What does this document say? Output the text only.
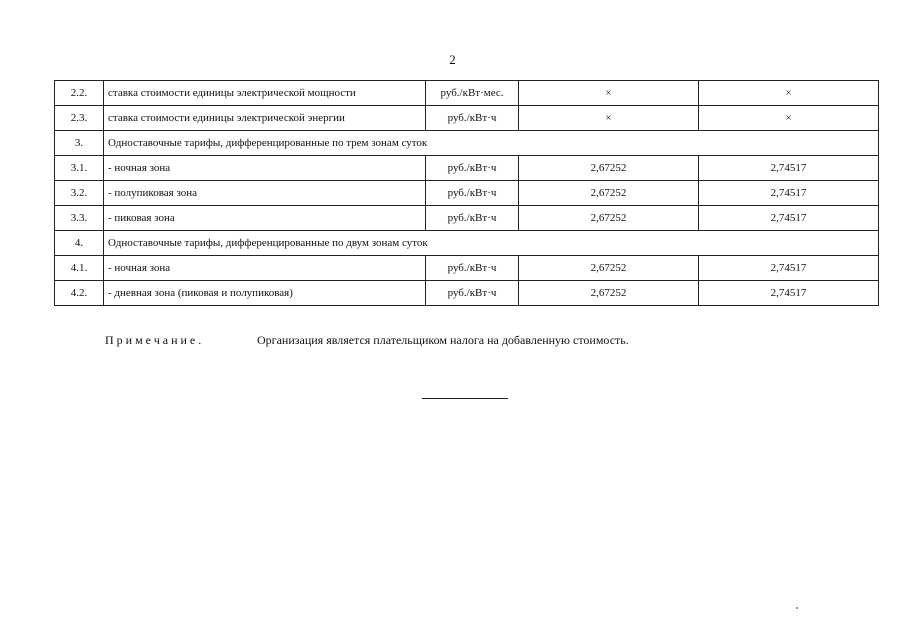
2
2.2.	ставка стоимости единицы электрической мощности	руб./кВт·мес.	×	×
2.3.	ставка стоимости единицы электрической энергии	руб./кВт·ч	×	×
3.	Одноставочные тарифы, дифференцированные по трем зонам суток			
3.1.	- ночная зона	руб./кВт·ч	2,67252	2,74517
3.2.	- полупиковая зона	руб./кВт·ч	2,67252	2,74517
3.3.	- пиковая зона	руб./кВт·ч	2,67252	2,74517
4.	Одноставочные тарифы, дифференцированные по двум зонам суток			
4.1.	- ночная зона	руб./кВт·ч	2,67252	2,74517
4.2.	- дневная зона (пиковая и полупиковая)	руб./кВт·ч	2,67252	2,74517
Примечание.	Организация является плательщиком налога на добавленную стоимость.
